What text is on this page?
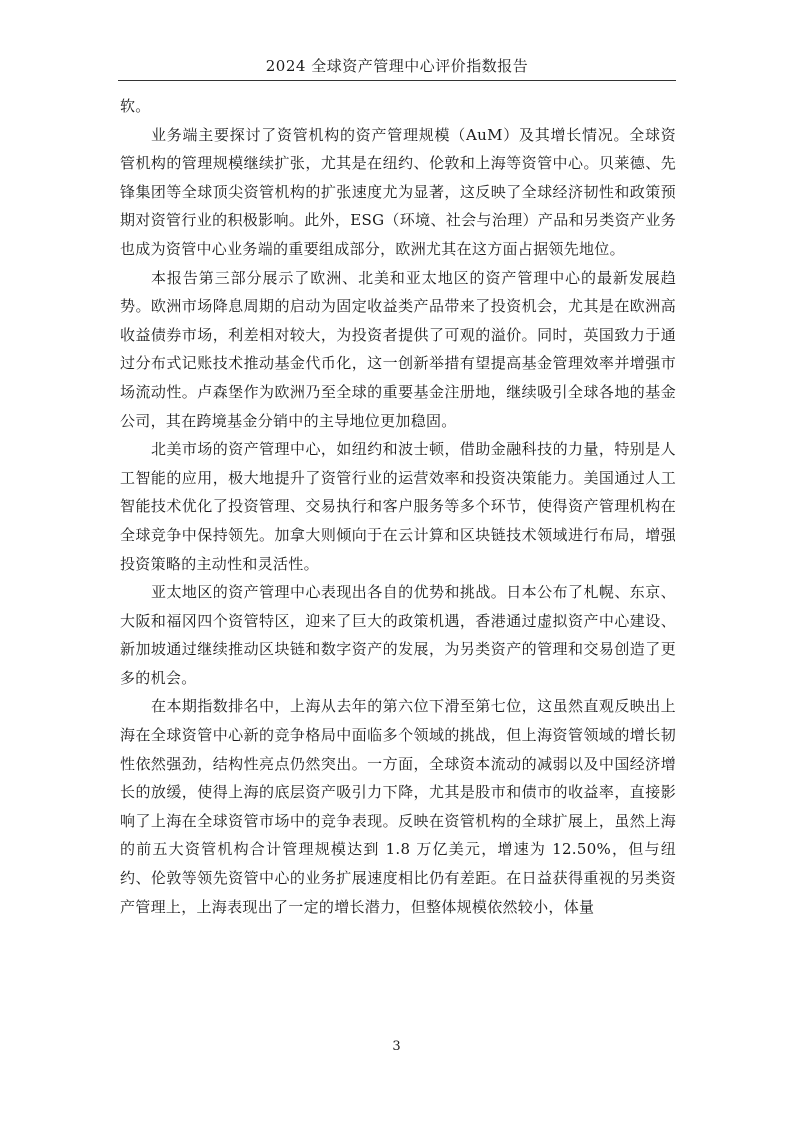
2024 全球资产管理中心评价指数报告

软。

业务端主要探讨了资管机构的资产管理规模（AuM）及其增长情况。全球资管机构的管理规模继续扩张，尤其是在纽约、伦敦和上海等资管中心。贝莱德、先锋集团等全球顶尖资管机构的扩张速度尤为显著，这反映了全球经济韧性和政策预期对资管行业的积极影响。此外，ESG（环境、社会与治理）产品和另类资产业务也成为资管中心业务端的重要组成部分，欧洲尤其在这方面占据领先地位。

本报告第三部分展示了欧洲、北美和亚太地区的资产管理中心的最新发展趋势。欧洲市场降息周期的启动为固定收益类产品带来了投资机会，尤其是在欧洲高收益债券市场，利差相对较大，为投资者提供了可观的溢价。同时，英国致力于通过分布式记账技术推动基金代币化，这一创新举措有望提高基金管理效率并增强市场流动性。卢森堡作为欧洲乃至全球的重要基金注册地，继续吸引全球各地的基金公司，其在跨境基金分销中的主导地位更加稳固。

北美市场的资产管理中心，如纽约和波士顿，借助金融科技的力量，特别是人工智能的应用，极大地提升了资管行业的运营效率和投资决策能力。美国通过人工智能技术优化了投资管理、交易执行和客户服务等多个环节，使得资产管理机构在全球竞争中保持领先。加拿大则倾向于在云计算和区块链技术领域进行布局，增强投资策略的主动性和灵活性。

亚太地区的资产管理中心表现出各自的优势和挑战。日本公布了札幌、东京、大阪和福冈四个资管特区，迎来了巨大的政策机遇，香港通过虚拟资产中心建设、新加坡通过继续推动区块链和数字资产的发展，为另类资产的管理和交易创造了更多的机会。

在本期指数排名中，上海从去年的第六位下滑至第七位，这虽然直观反映出上海在全球资管中心新的竞争格局中面临多个领域的挑战，但上海资管领域的增长韧性依然强劲，结构性亮点仍然突出。一方面，全球资本流动的减弱以及中国经济增长的放缓，使得上海的底层资产吸引力下降，尤其是股市和债市的收益率，直接影响了上海在全球资管市场中的竞争表现。反映在资管机构的全球扩展上，虽然上海的前五大资管机构合计管理规模达到 1.8 万亿美元，增速为 12.50%，但与纽约、伦敦等领先资管中心的业务扩展速度相比仍有差距。在日益获得重视的另类资产管理上，上海表现出了一定的增长潜力，但整体规模依然较小，体量

3
